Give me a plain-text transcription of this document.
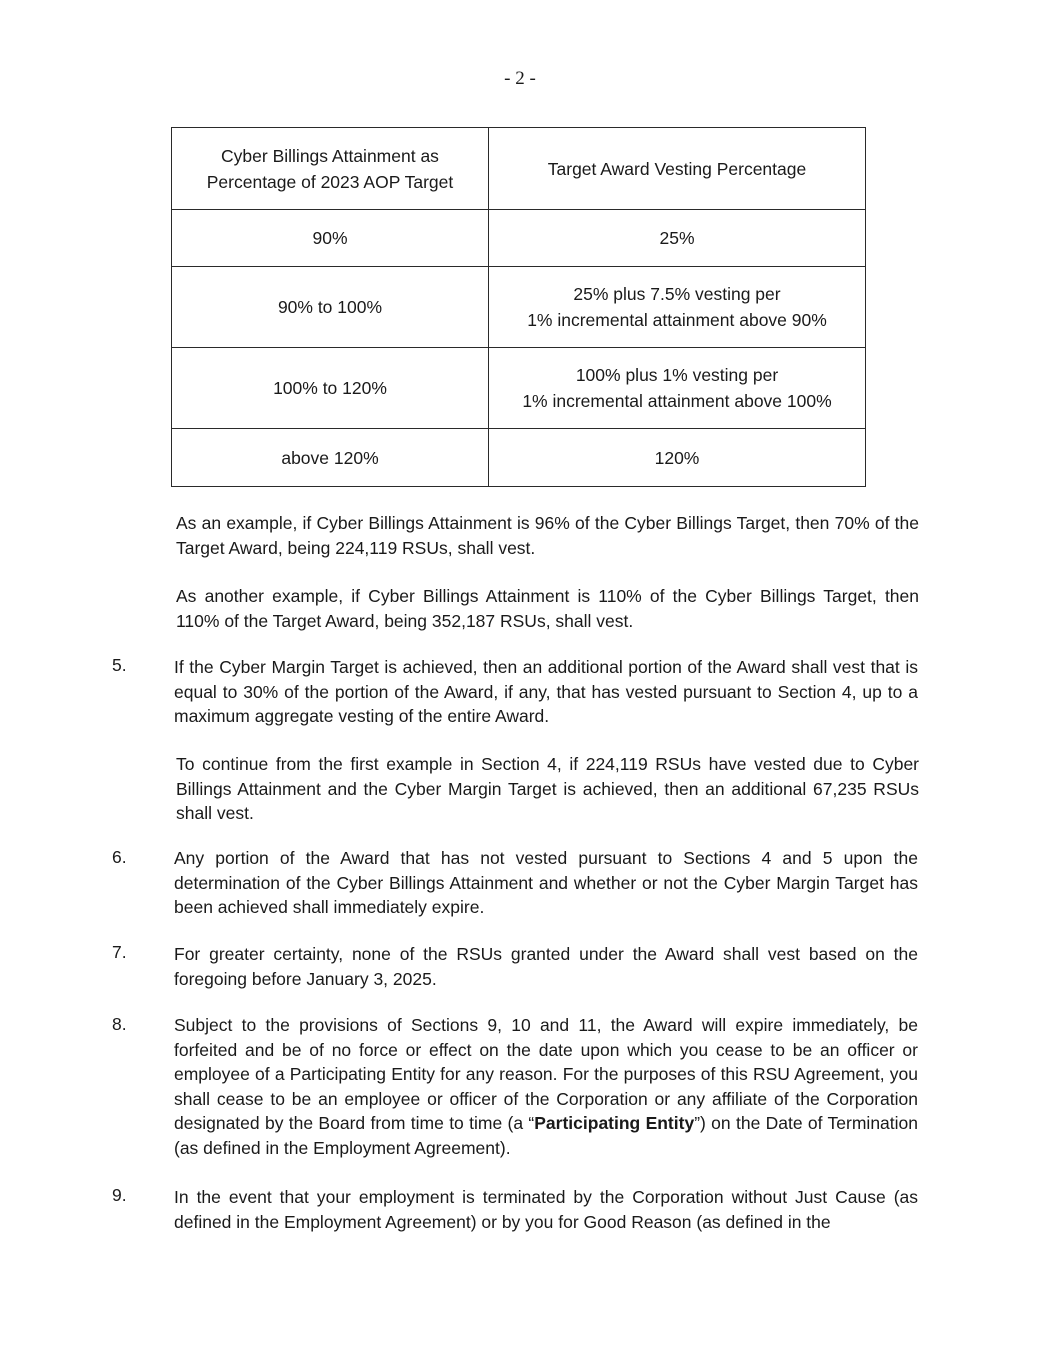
- 2 -
Cyber Billings Attainment as
Percentage of 2023 AOP Target	Target Award Vesting Percentage
90%	25%

90% to 100%	25% plus 7.5% vesting per
1% incremental attainment above 90%

100% to 120%	100% plus 1% vesting per
1% incremental attainment above 100%

above 120%	120%
As an example, if Cyber Billings Attainment is 96% of the Cyber Billings Target, then 70% of the Target Award, being 224,119 RSUs, shall vest.
As another example, if Cyber Billings Attainment is 110% of the Cyber Billings Target, then 110% of the Target Award, being 352,187 RSUs, shall vest.
5.	If the Cyber Margin Target is achieved, then an additional portion of the Award shall vest that is equal to 30% of the portion of the Award, if any, that has vested pursuant to Section 4, up to a maximum aggregate vesting of the entire Award.
To continue from the first example in Section 4, if 224,119 RSUs have vested due to Cyber Billings Attainment and the Cyber Margin Target is achieved, then an additional 67,235 RSUs shall vest.
6.	Any portion of the Award that has not vested pursuant to Sections 4 and 5 upon the determination of the Cyber Billings Attainment and whether or not the Cyber Margin Target has been achieved shall immediately expire.
7.	For greater certainty, none of the RSUs granted under the Award shall vest based on the foregoing before January 3, 2025.
8.	Subject to the provisions of Sections 9, 10 and 11, the Award will expire immediately, be forfeited and be of no force or effect on the date upon which you cease to be an officer or employee of a Participating Entity for any reason. For the purposes of this RSU Agreement, you shall cease to be an employee or officer of the Corporation or any affiliate of the Corporation designated by the Board from time to time (a “Participating Entity”) on the Date of Termination (as defined in the Employment Agreement).
9.	In the event that your employment is terminated by the Corporation without Just Cause (as defined in the Employment Agreement) or by you for Good Reason (as defined in the
